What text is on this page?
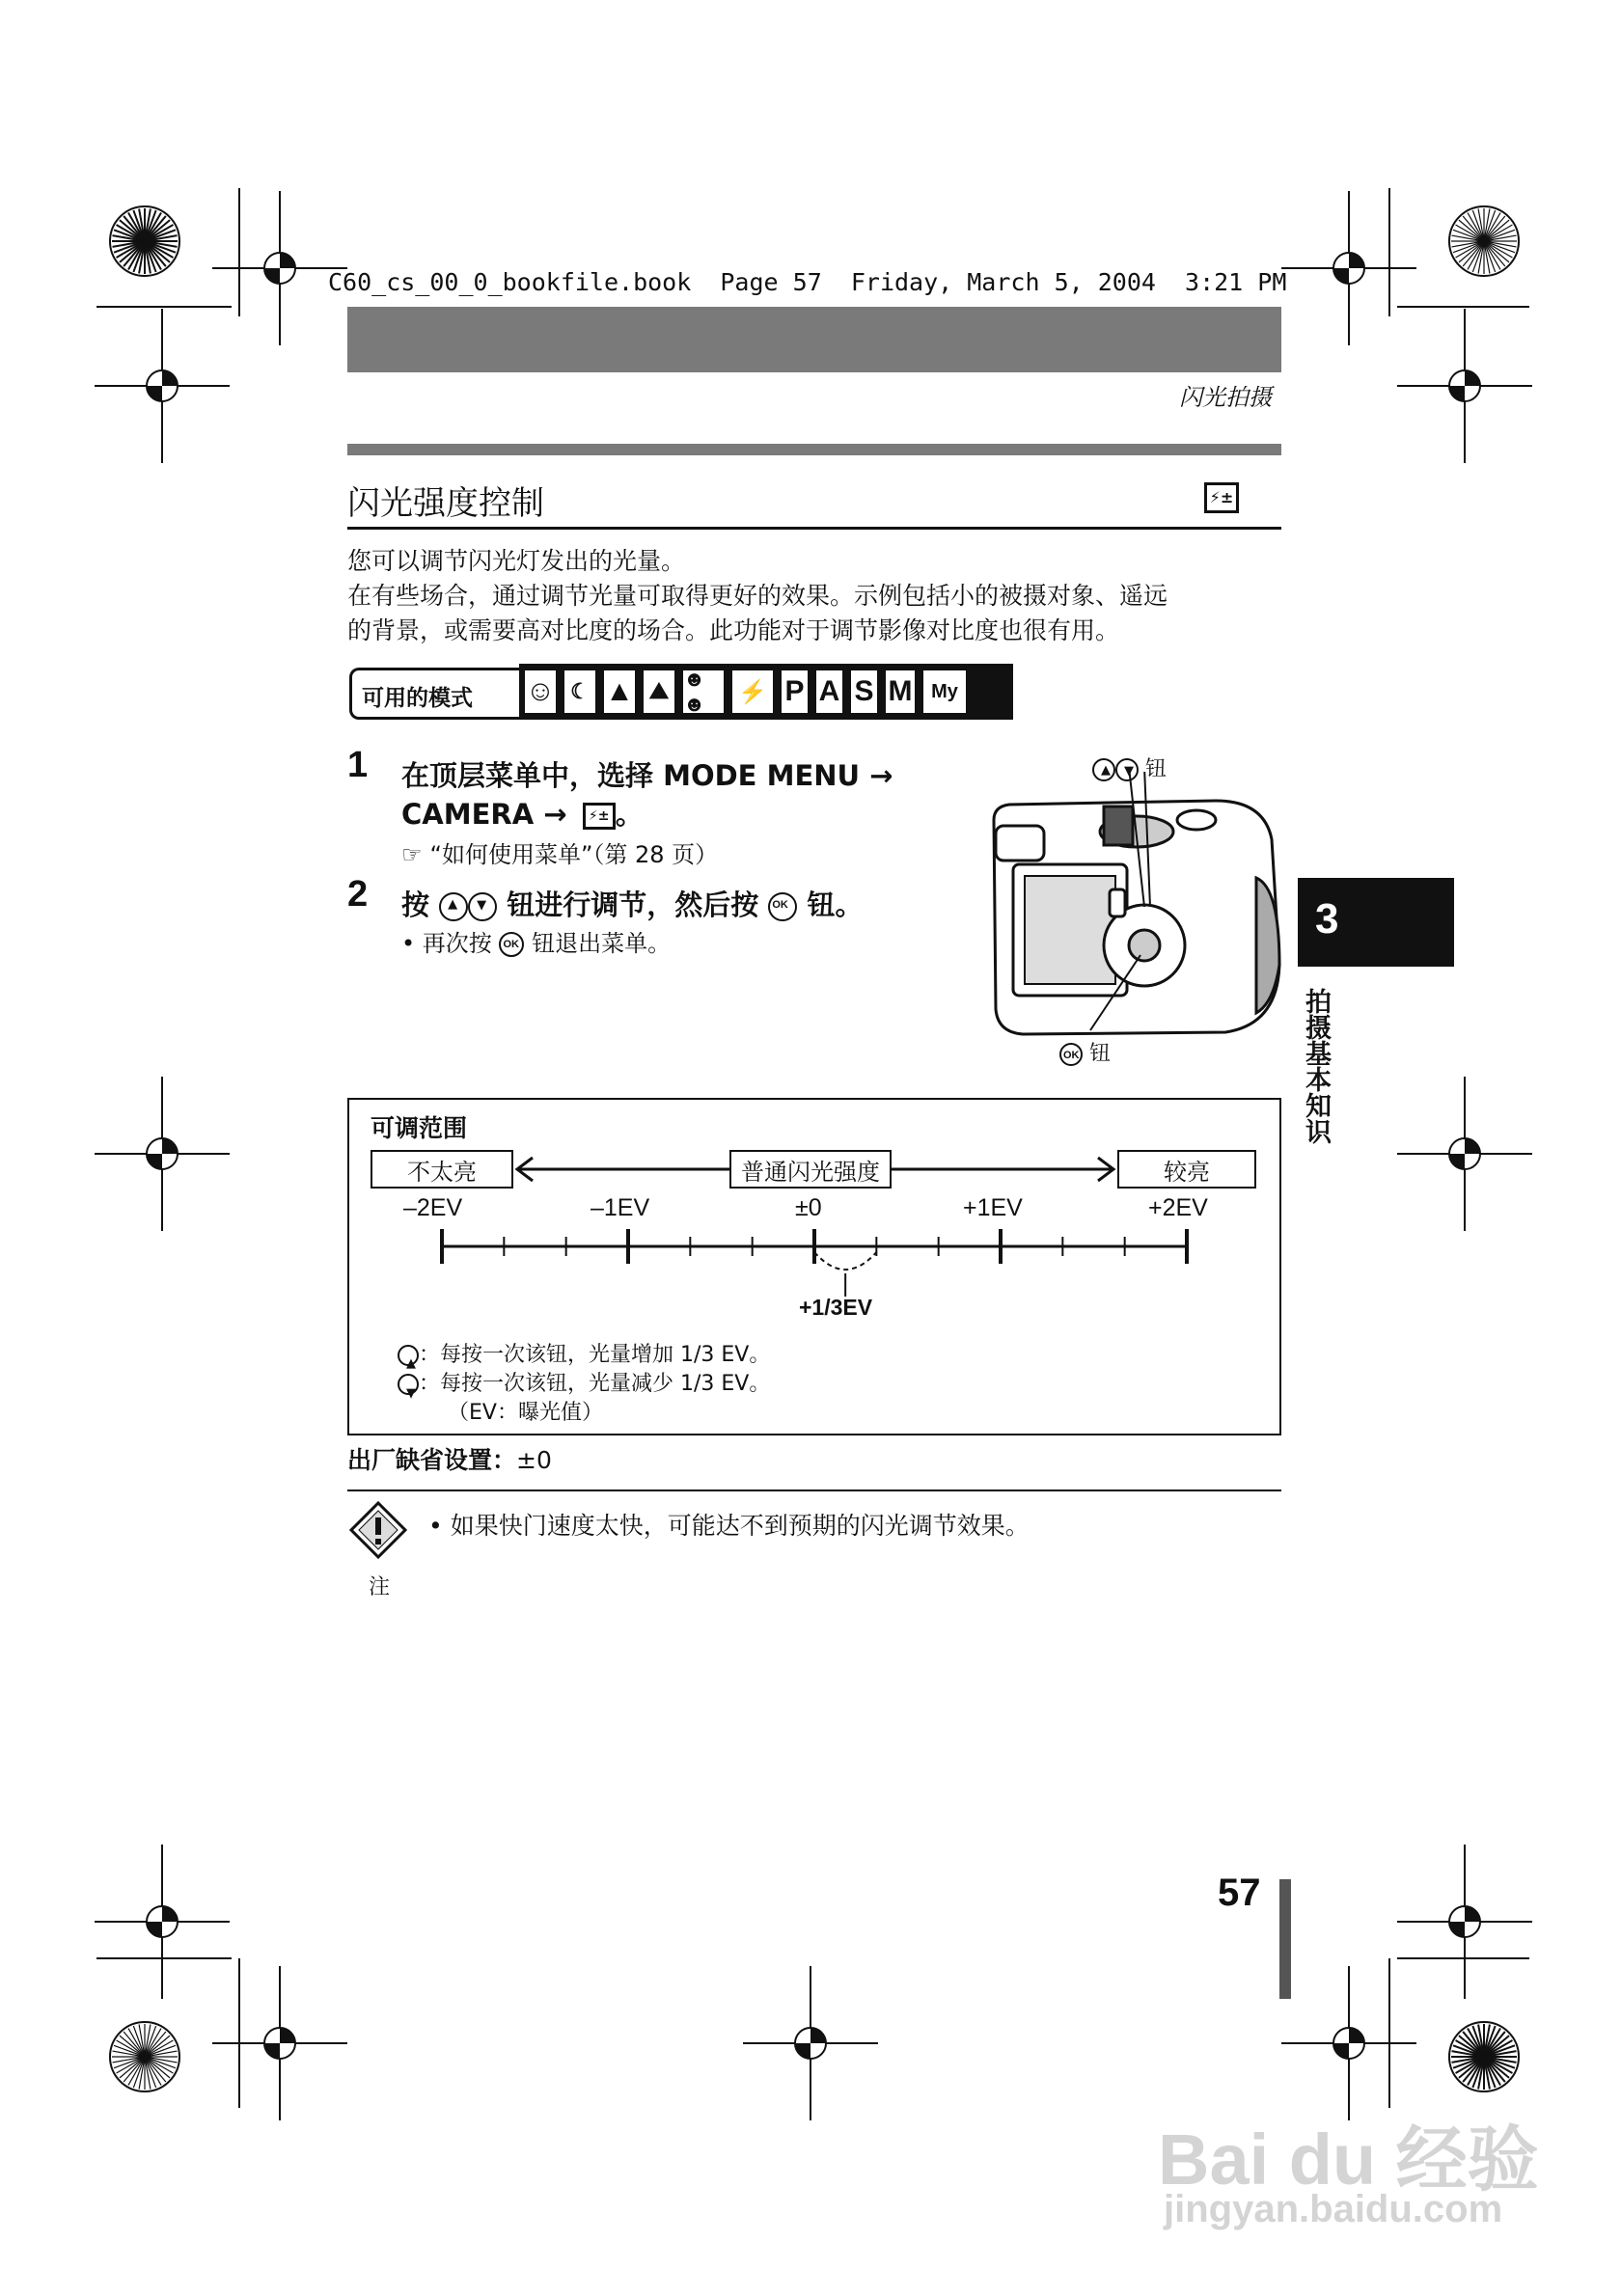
C60_cs_00_0_bookfile.book  Page 57  Friday, March 5, 2004  3:21 PM
闪光拍摄
闪光强度控制	⚡±
您可以调节闪光灯发出的光量。
在有些场合，通过调节光量可取得更好的效果。示例包括小的被摄对象、遥远
的背景，或需要高对比度的场合。此功能对于调节影像对比度也很有用。
可用的模式 ☺ ☾ ▲ ⛰ ☻☻	⚡ P A S M My
1 在顶层菜单中，选择 MODE MENU →
CAMERA → ⚡± 。
☞ “如何使用菜单”（第 28 页）
2 按 ▲ ▼	钮进行调节，然后按 OK 钮。
• 再次按 OK 钮退出菜单。
▲▼ 钮
OK 钮
3
拍摄基本知识
可调范围
不太亮	普通闪光强度	较亮
–2EV	–1EV	±0	+1EV	+2EV
+1/3EV
▲：每按一次该钮，光量增加 1/3 EV。
▼：每按一次该钮，光量减少 1/3 EV。
（EV：曝光值）
出厂缺省设置：±0
注
• 如果快门速度太快，可能达不到预期的闪光调节效果。
57
Bai du 经验
jingyan.baidu.com
